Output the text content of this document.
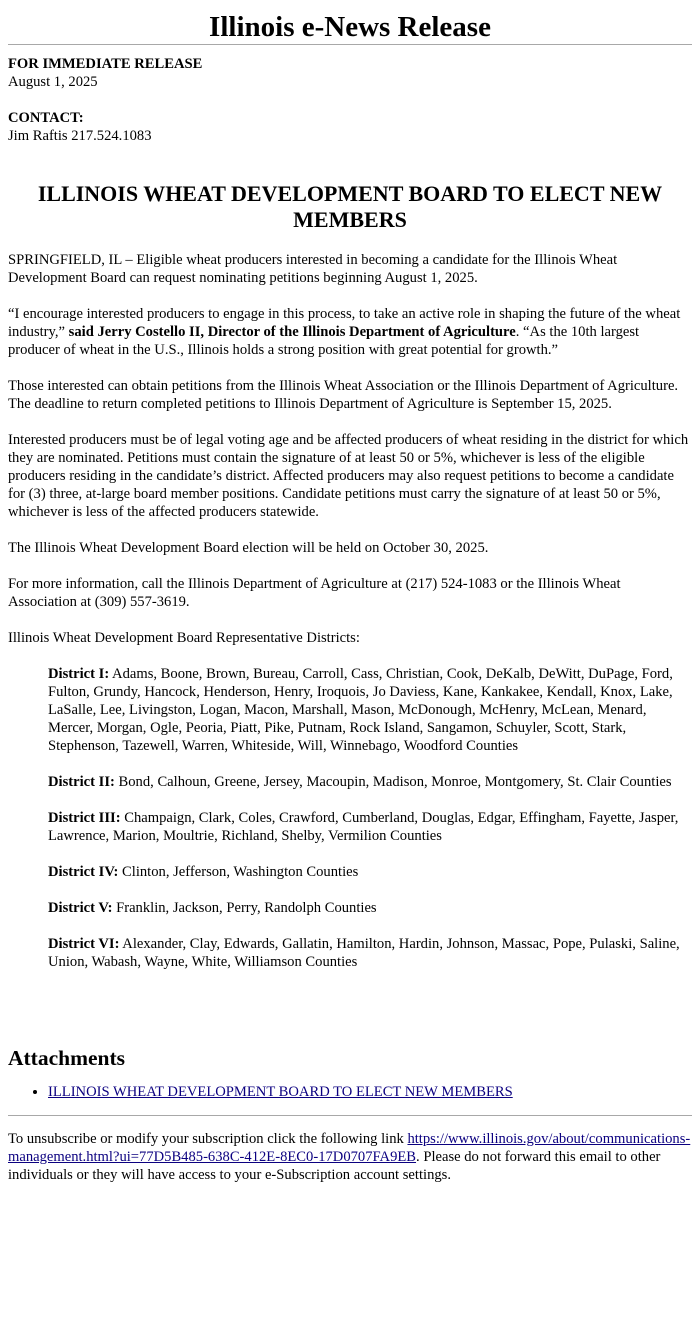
Illinois e-News Release
FOR IMMEDIATE RELEASE
August 1, 2025
CONTACT:
Jim Raftis 217.524.1083
ILLINOIS WHEAT DEVELOPMENT BOARD TO ELECT NEW MEMBERS

SPRINGFIELD, IL – Eligible wheat producers interested in becoming a candidate for the Illinois Wheat Development Board can request nominating petitions beginning August 1, 2025.

“I encourage interested producers to engage in this process, to take an active role in shaping the future of the wheat industry,” said Jerry Costello II, Director of the Illinois Department of Agriculture. “As the 10th largest producer of wheat in the U.S., Illinois holds a strong position with great potential for growth.”

Those interested can obtain petitions from the Illinois Wheat Association or the Illinois Department of Agriculture. The deadline to return completed petitions to Illinois Department of Agriculture is September 15, 2025.

Interested producers must be of legal voting age and be affected producers of wheat residing in the district for which they are nominated. Petitions must contain the signature of at least 50 or 5%, whichever is less of the eligible producers residing in the candidate’s district. Affected producers may also request petitions to become a candidate for (3) three, at-large board member positions. Candidate petitions must carry the signature of at least 50 or 5%, whichever is less of the affected producers statewide.

The Illinois Wheat Development Board election will be held on October 30, 2025.

For more information, call the Illinois Department of Agriculture at (217) 524-1083 or the Illinois Wheat Association at (309) 557-3619.

Illinois Wheat Development Board Representative Districts:

District I: Adams, Boone, Brown, Bureau, Carroll, Cass, Christian, Cook, DeKalb, DeWitt, DuPage, Ford, Fulton, Grundy, Hancock, Henderson, Henry, Iroquois, Jo Daviess, Kane, Kankakee, Kendall, Knox, Lake, LaSalle, Lee, Livingston, Logan, Macon, Marshall, Mason, McDonough, McHenry, McLean, Menard, Mercer, Morgan, Ogle, Peoria, Piatt, Pike, Putnam, Rock Island, Sangamon, Schuyler, Scott, Stark, Stephenson, Tazewell, Warren, Whiteside, Will, Winnebago, Woodford Counties

District II: Bond, Calhoun, Greene, Jersey, Macoupin, Madison, Monroe, Montgomery, St. Clair Counties

District III: Champaign, Clark, Coles, Crawford, Cumberland, Douglas, Edgar, Effingham, Fayette, Jasper, Lawrence, Marion, Moultrie, Richland, Shelby, Vermilion Counties

District IV: Clinton, Jefferson, Washington Counties

District V: Franklin, Jackson, Perry, Randolph Counties

District VI: Alexander, Clay, Edwards, Gallatin, Hamilton, Hardin, Johnson, Massac, Pope, Pulaski, Saline, Union, Wabash, Wayne, White, Williamson Counties

Attachments
• ILLINOIS WHEAT DEVELOPMENT BOARD TO ELECT NEW MEMBERS

To unsubscribe or modify your subscription click the following link https://www.illinois.gov/about/communications-management.html?ui=77D5B485-638C-412E-8EC0-17D0707FA9EB. Please do not forward this email to other individuals or they will have access to your e-Subscription account settings.
